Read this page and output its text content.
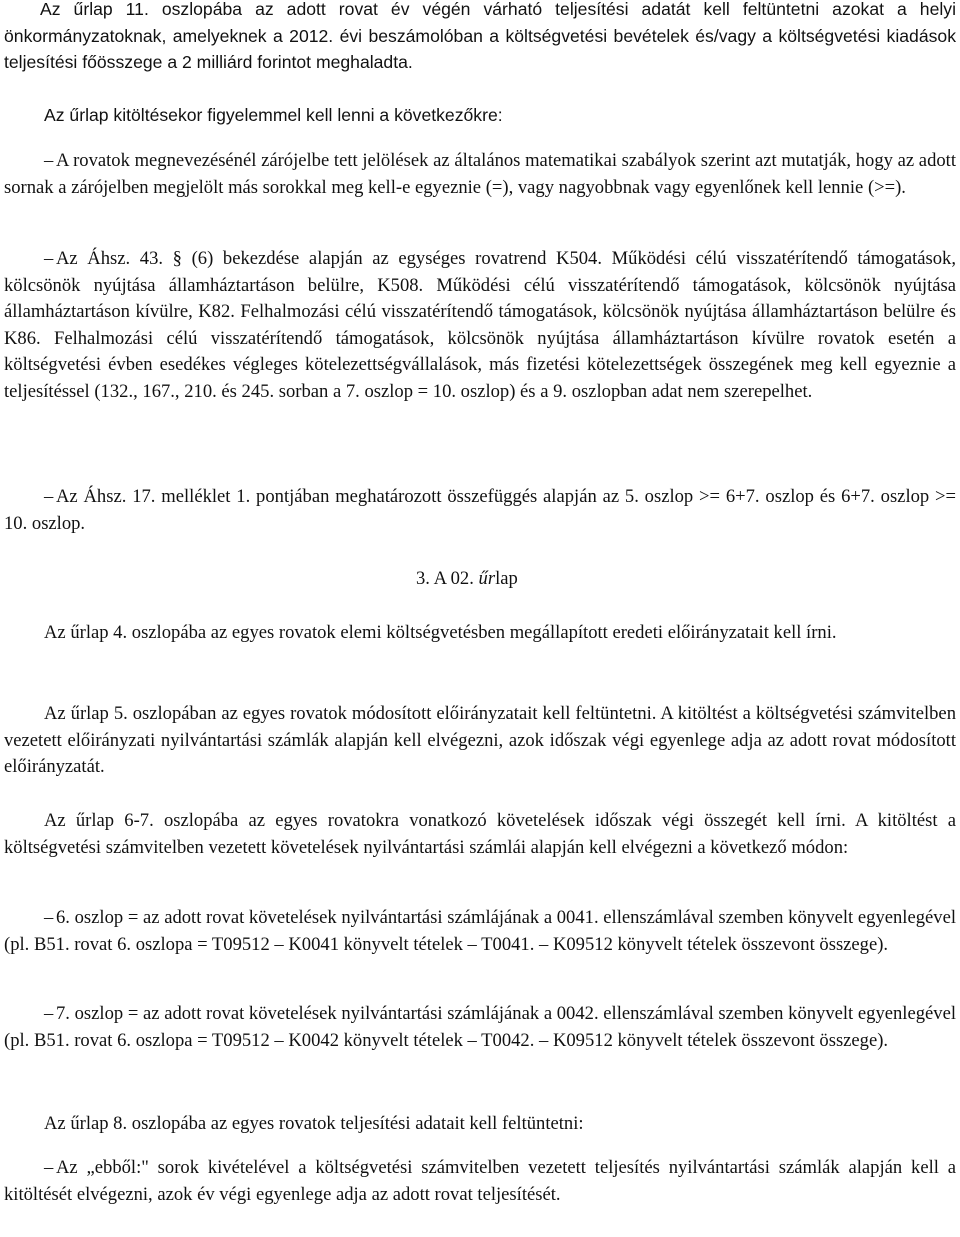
Az űrlap 11. oszlopába az adott rovat év végén várható teljesítési adatát kell feltüntetni azokat a helyi önkormányzatoknak, amelyeknek a 2012. évi beszámolóban a költségvetési bevételek és/vagy a költségvetési kiadások teljesítési főösszege a 2 milliárd forintot meghaladta.

Az űrlap kitöltésekor figyelemmel kell lenni a következőkre:

–A rovatok megnevezésénél zárójelbe tett jelölések az általános matematikai szabályok szerint azt mutatják, hogy az adott sornak a zárójelben megjelölt más sorokkal meg kell-e egyeznie (=), vagy nagyobbnak vagy egyenlőnek kell lennie (>=).

–Az Áhsz. 43. § (6) bekezdése alapján az egységes rovatrend K504. Működési célú visszatérítendő támogatások, kölcsönök nyújtása államháztartáson belülre, K508. Működési célú visszatérítendő támogatások, kölcsönök nyújtása államháztartáson kívülre, K82. Felhalmozási célú visszatérítendő támogatások, kölcsönök nyújtása államháztartáson belülre és K86. Felhalmozási célú visszatérítendő támogatások, kölcsönök nyújtása államháztartáson kívülre rovatok esetén a költségvetési évben esedékes végleges kötelezettségvállalások, más fizetési kötelezettségek összegének meg kell egyeznie a teljesítéssel (132., 167., 210. és 245. sorban a 7. oszlop = 10. oszlop) és a 9. oszlopban adat nem szerepelhet.

–Az Áhsz. 17. melléklet 1. pontjában meghatározott összefüggés alapján az 5. oszlop >= 6+7. oszlop és 6+7. oszlop >= 10. oszlop.

3. A 02. űrlap

Az űrlap 4. oszlopába az egyes rovatok elemi költségvetésben megállapított eredeti előirányzatait kell írni.

Az űrlap 5. oszlopában az egyes rovatok módosított előirányzatait kell feltüntetni. A kitöltést a költségvetési számvitelben vezetett előirányzati nyilvántartási számlák alapján kell elvégezni, azok időszak végi egyenlege adja az adott rovat módosított előirányzatát.

Az űrlap 6-7. oszlopába az egyes rovatokra vonatkozó követelések időszak végi összegét kell írni. A kitöltést a költségvetési számvitelben vezetett követelések nyilvántartási számlái alapján kell elvégezni a következő módon:

–6. oszlop = az adott rovat követelések nyilvántartási számlájának a 0041. ellenszámlával szemben könyvelt egyenlegével (pl. B51. rovat 6. oszlopa = T09512 – K0041 könyvelt tételek – T0041. – K09512 könyvelt tételek összevont összege).

–7. oszlop = az adott rovat követelések nyilvántartási számlájának a 0042. ellenszámlával szemben könyvelt egyenlegével (pl. B51. rovat 6. oszlopa = T09512 – K0042 könyvelt tételek – T0042. – K09512 könyvelt tételek összevont összege).

Az űrlap 8. oszlopába az egyes rovatok teljesítési adatait kell feltüntetni:

–Az „ebből:" sorok kivételével a költségvetési számvitelben vezetett teljesítés nyilvántartási számlák alapján kell a kitöltését elvégezni, azok év végi egyenlege adja az adott rovat teljesítését.
